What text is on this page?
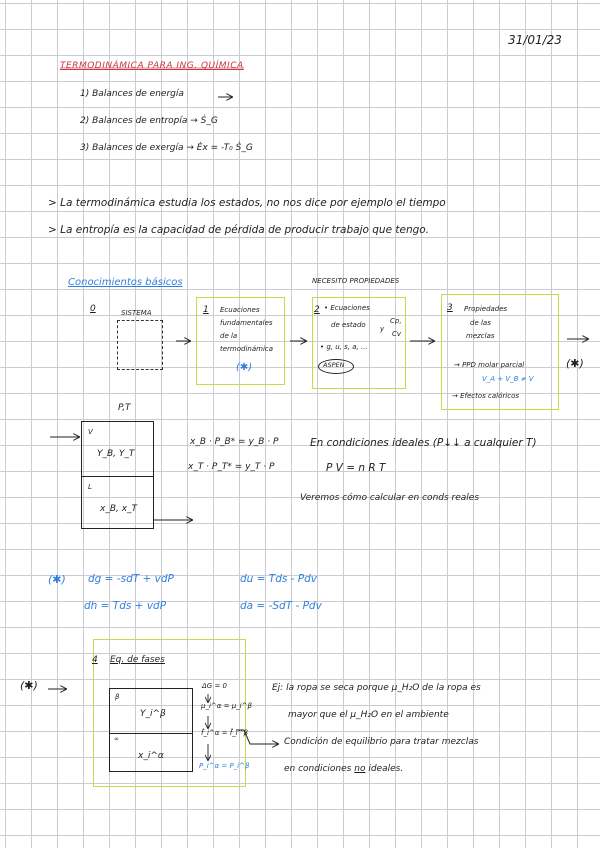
31/01/23
TERMODINÁMICA PARA ING. QUÍMICA
1) Balances de energía
2) Balances de entropía → Ṡ_G
3) Balances de exergía → Ėx = -T₀ Ṡ_G
> La termodinámica estudia los estados, no nos dice por ejemplo el tiempo
> La entropía es la capacidad de pérdida de producir trabajo que tengo.
Conocimientos básicos	NECESITO PROPIEDADES
0	SISTEMA	1 Ecuaciones
fundamentales
de la
termodinámica
(✱)
2 • Ecuaciones
de estado y
Cp,
Cv
• g, u, s, a, ...
ASPEN
3 Propiedades
de las
mezclas
→ PPD molar parcial
V_A + V_B ≠ V
→ Efectos calóricos
(✱)
P,T
V
Y_B, Y_T
L
x_B, x_T
x_B · P_B* = y_B · P
x_T · P_T* = y_T · P
En condiciones ideales (P↓↓ a cualquier T)
P V = n R T
Veremos cómo calcular en conds reales
(✱) dg = -sdT + vdP	du = Tds - Pdv
dh = Tds + vdP	da = -SdT - Pdv
(✱)
4 Eq. de fases
β
Y_i^β
∝
x_i^α
ΔG = 0
μ_i^α = μ_i^β
f̂_i^α = f̂_i^β
P_i^α = P_i^β
Ej: la ropa se seca porque μ_H₂O de la ropa es
mayor que el μ_H₂O en el ambiente
Condición de equilibrio para tratar mezclas
en condiciones no ideales.
